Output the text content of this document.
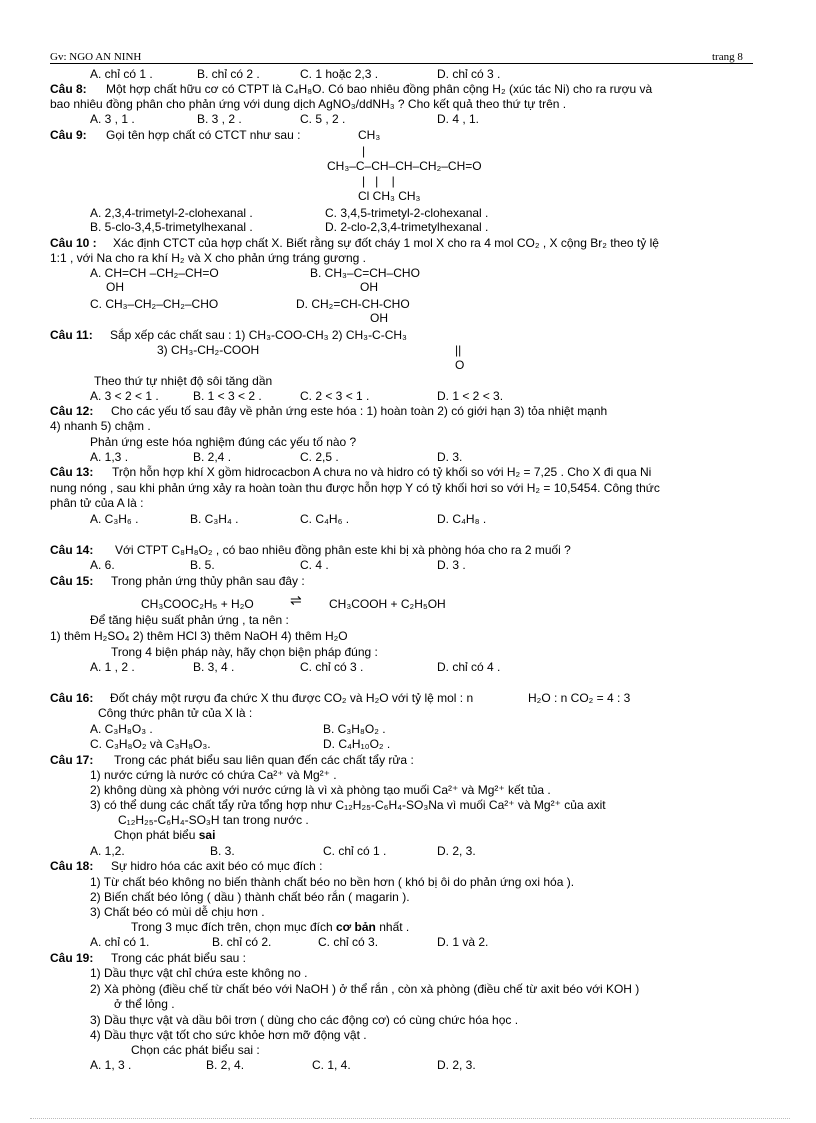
Gv: NGO AN NINH	trang 8
A. chỉ có 1 .	B. chỉ có 2 .	C. 1 hoặc 2,3 .	D. chỉ có 3 .
Câu 8: Một hợp chất hữu cơ có CTPT là C₄H₈O. Có bao nhiêu đồng phân cộng H₂ (xúc tác Ni) cho ra rượu và
bao nhiêu đồng phân cho phản ứng với dung dịch AgNO₃/ddNH₃ ? Cho kết quả theo thứ tự trên .
A. 3 , 1 .	B. 3 , 2 .	C. 5 , 2 .	D. 4 , 1.
Câu 9: Gọi tên hợp chất có CTCT như sau :	CH₃
|
CH₃–C–CH–CH–CH₂–CH=O
|   |    |
Cl CH₃ CH₃
A. 2,3,4-trimetyl-2-clohexanal .	C. 3,4,5-trimetyl-2-clohexanal .
B. 5-clo-3,4,5-trimetylhexanal .	D. 2-clo-2,3,4-trimetylhexanal .
Câu 10 : Xác định CTCT của hợp chất X. Biết rằng sự đốt cháy 1 mol X cho ra 4 mol CO₂ , X cộng Br₂ theo tỷ lệ
1:1 , với Na cho ra khí H₂ và X cho phản ứng tráng gương .
A. CH=CH –CH₂–CH=O
OH
B. CH₃–C=CH–CHO
OH
C. CH₃–CH₂–CH₂–CHO	D. CH₂=CH-CH-CHO
OH
Câu 11: Sắp xếp các chất sau : 1) CH₃-COO-CH₃ 2) CH₃-C-CH₃
3) CH₃-CH₂-COOH	||
O
Theo thứ tự nhiệt độ sôi tăng dần
A. 3 < 2 < 1 .	B. 1 < 3 < 2 .	C. 2 < 3 < 1 .	D. 1 < 2 < 3.
Câu 12: Cho các yếu tố sau đây về phản ứng este hóa : 1) hoàn toàn 2) có giới hạn 3) tỏa nhiệt mạnh
4) nhanh 5) chậm .
Phản ứng este hóa nghiệm đúng các yếu tố nào ?
A. 1,3 .	B. 2,4 .	C. 2,5 .	D. 3.
Câu 13: Trộn hỗn hợp khí X gồm hidrocacbon A chưa no và hidro có tỷ khối so với H₂ = 7,25 . Cho X đi qua Ni
nung nóng , sau khi phản ứng xảy ra hoàn toàn thu được hỗn hợp Y có tỷ khối hơi so với H₂ = 10,5454. Công thức
phân tử của A là :
A. C₃H₆ .	B. C₃H₄ .	C. C₄H₆ .	D. C₄H₈ .
Câu 14: Với CTPT C₈H₈O₂ , có bao nhiêu đồng phân este khi bị xà phòng hóa cho ra 2 muối ?
A. 6.	B. 5.	C. 4 .	D. 3 .
Câu 15: Trong phản ứng thủy phân sau đây :
CH₃COOC₂H₅ + H₂O	⇌ CH₃COOH + C₂H₅OH
Để tăng hiệu suất phản ứng , ta nên :
1) thêm H₂SO₄ 2) thêm HCl 3) thêm NaOH 4) thêm H₂O
Trong 4 biện pháp này, hãy chọn biện pháp đúng :
A. 1 , 2 .	B. 3, 4 .	C. chỉ có 3 .	D. chỉ có 4 .
Câu 16: Đốt cháy một rượu đa chức X thu được CO₂ và H₂O với tỷ lệ mol : n	H₂O : n CO₂ = 4 : 3
Công thức phân tử của X là :
A. C₃H₈O₃ .	B. C₃H₈O₂ .
C. C₃H₈O₂ và C₃H₈O₃.	D. C₄H₁₀O₂ .
Câu 17: Trong các phát biểu sau liên quan đến các chất tẩy rửa :
1) nước cứng là nước có chứa Ca²⁺ và Mg²⁺ .
2) không dùng xà phòng với nước cứng là vì xà phòng tạo muối Ca²⁺ và Mg²⁺ kết tủa .
3) có thể dung các chất tẩy rửa tổng hợp như C₁₂H₂₅-C₆H₄-SO₃Na vì muối Ca²⁺ và Mg²⁺ của axit
C₁₂H₂₅-C₆H₄-SO₃H tan trong nước .
Chọn phát biểu sai
A. 1,2.	B. 3.	C. chỉ có 1 .	D. 2, 3.
Câu 18: Sự hidro hóa các axit béo có mục đích :
1) Từ chất béo không no biến thành chất béo no bền hơn ( khó bị ôi do phản ứng oxi hóa ).
2) Biến chất béo lỏng ( dầu ) thành chất béo rắn ( magarin ).
3) Chất béo có mùi dễ chịu hơn .
Trong 3 mục đích trên, chọn mục đích cơ bản nhất .
A. chỉ có 1.	B. chỉ có 2.	C. chỉ có 3.	D. 1 và 2.
Câu 19: Trong các phát biểu sau :
1) Dầu thực vật chỉ chứa este không no .
2) Xà phòng (điều chế từ chất béo với NaOH ) ở thể rắn , còn xà phòng (điều chế từ axit béo với KOH )
ở thể lỏng .
3) Dầu thực vật và dầu bôi trơn ( dùng cho các động cơ) có cùng chức hóa học .
4) Dầu thực vật tốt cho sức khỏe hơn mỡ động vật .
Chọn các phát biểu sai :
A. 1, 3 .	B. 2, 4.	C. 1, 4.	D. 2, 3.
